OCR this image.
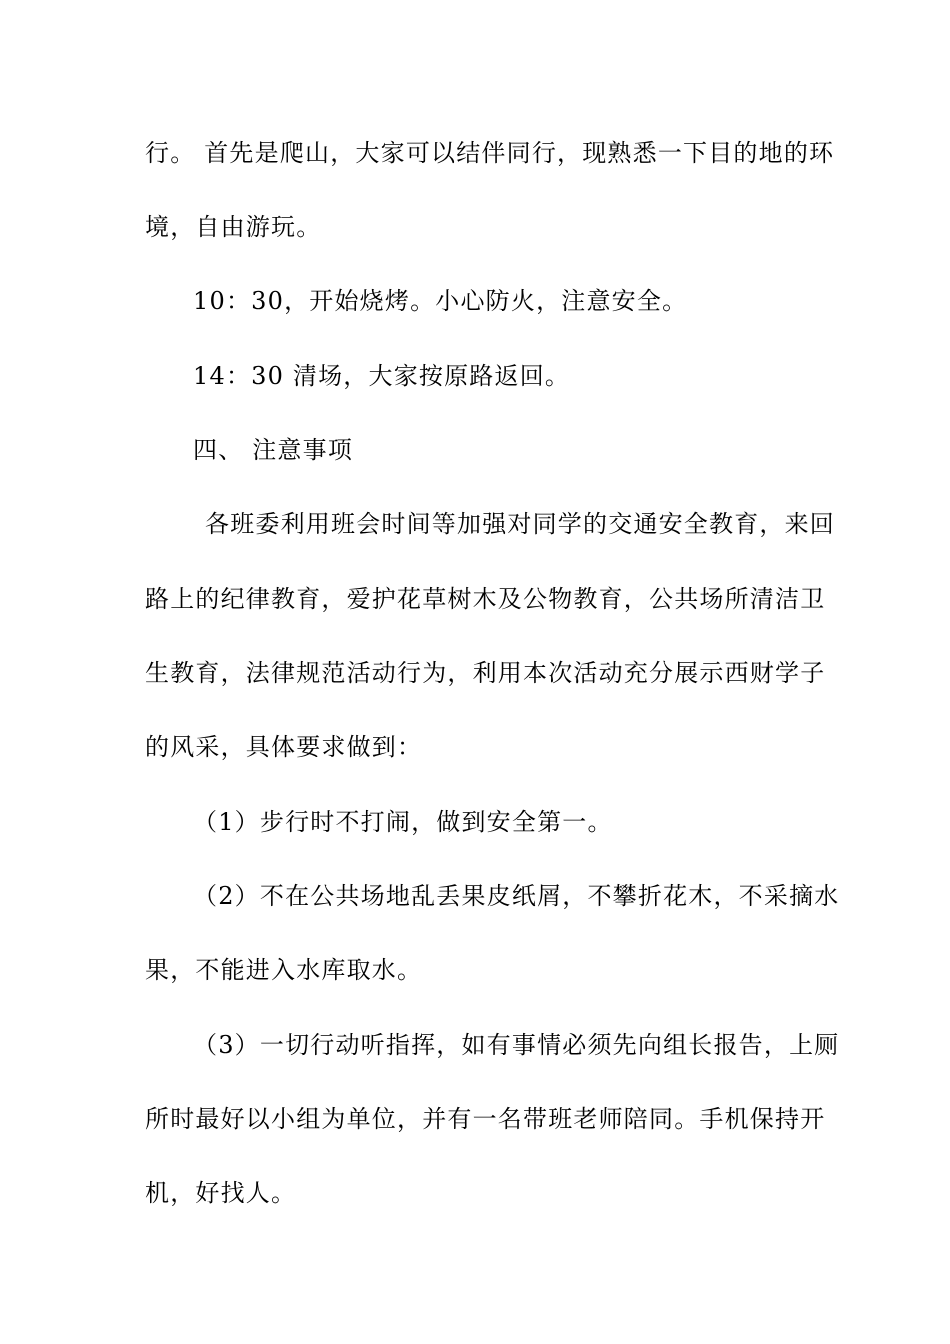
行。 首先是爬山，大家可以结伴同行，现熟悉一下目的地的环
境，自由游玩。
10：30，开始烧烤。小心防火，注意安全。
14：30 清场，大家按原路返回。
四、 注意事项
各班委利用班会时间等加强对同学的交通安全教育，来回
路上的纪律教育，爱护花草树木及公物教育，公共场所清洁卫
生教育，法律规范活动行为，利用本次活动充分展示西财学子
的风采，具体要求做到：
（1）步行时不打闹，做到安全第一。
（2）不在公共场地乱丢果皮纸屑，不攀折花木，不采摘水
果，不能进入水库取水。
（3）一切行动听指挥，如有事情必须先向组长报告，上厕
所时最好以小组为单位，并有一名带班老师陪同。手机保持开
机，好找人。
